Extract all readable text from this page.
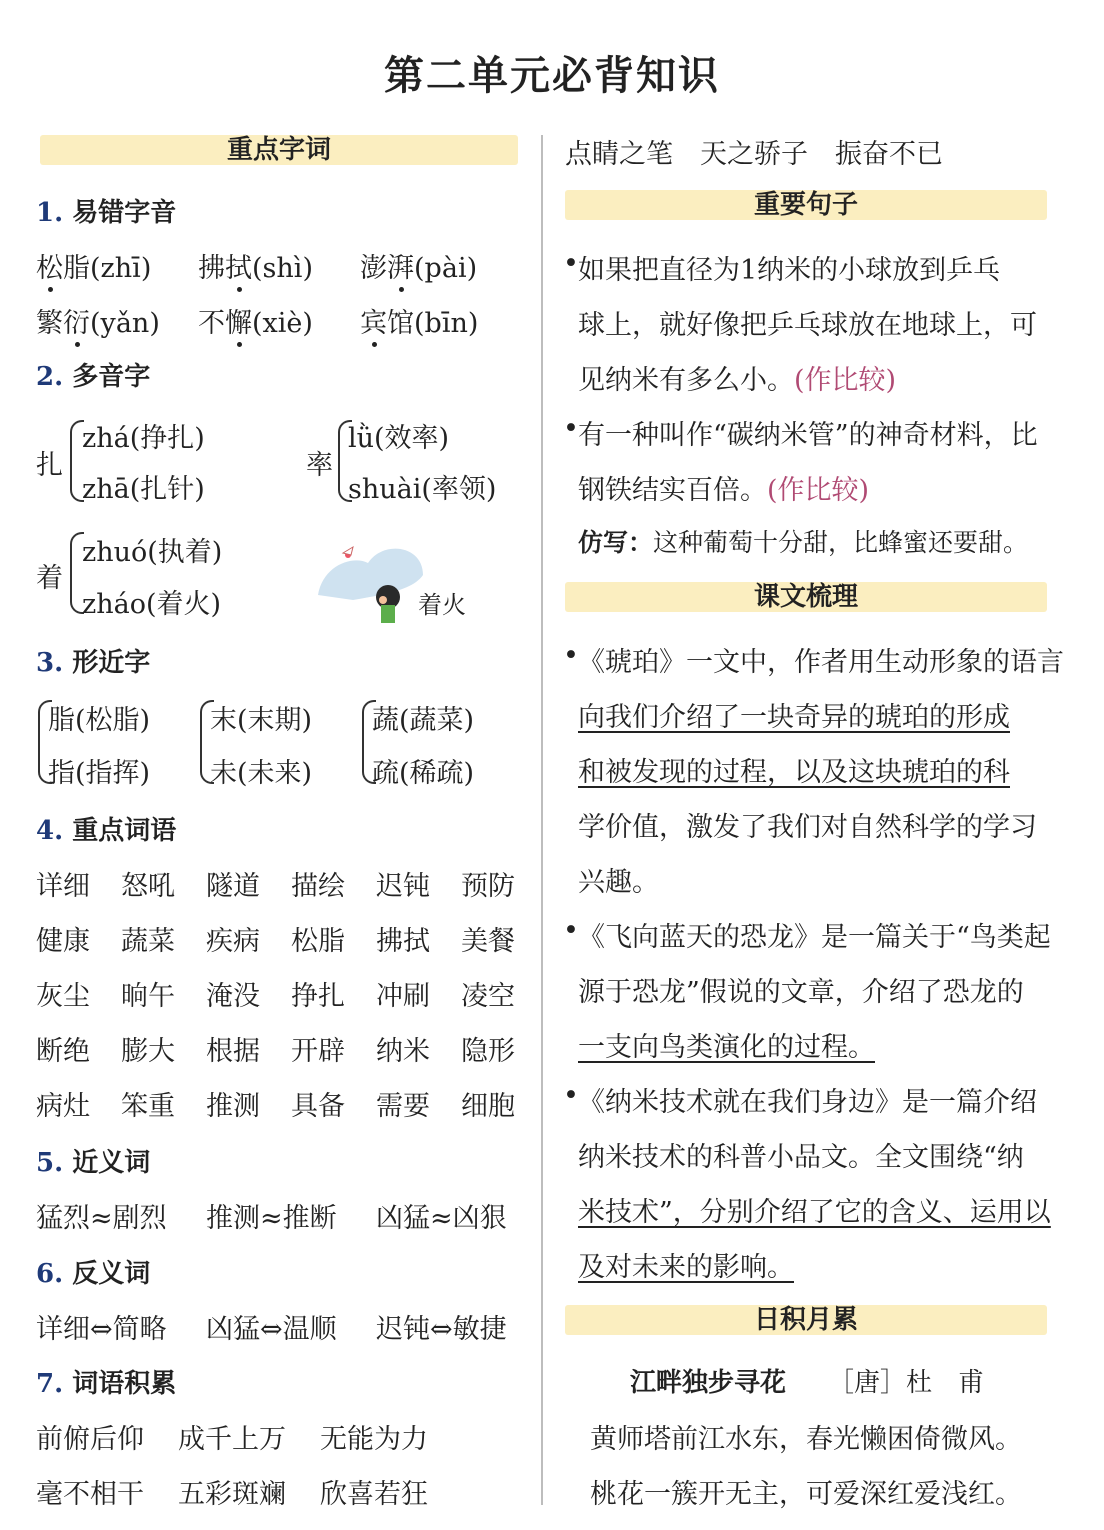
第二单元必背知识
重点字词
1. 易错字音
松脂(zhī) 拂拭(shì) 澎湃(pài)
繁衍(yǎn) 不懈(xiè) 宾馆(bīn)
2. 多音字
扎
zhá(挣扎)
zhā(扎针)
率
lǜ(效率)
shuài(率领)
着
zhuó(执着)
zháo(着火)	着火
3. 形近字
脂(松脂)
指(指挥)
末(末期)
未(未来)
蔬(蔬菜)
疏(稀疏)
4. 重点词语
详细 怒吼 隧道 描绘 迟钝 预防
健康 蔬菜 疾病 松脂 拂拭 美餐
灰尘 晌午 淹没 挣扎 冲刷 凌空
断绝 膨大 根据 开辟 纳米 隐形
病灶 笨重 推测 具备 需要 细胞
5. 近义词
猛烈≈剧烈 推测≈推断 凶猛≈凶狠
6. 反义词
详细⇔简略 凶猛⇔温顺 迟钝⇔敏捷
7. 词语积累
前俯后仰 成千上万 无能为力
毫不相干 五彩斑斓 欣喜若狂
点睛之笔　天之骄子　振奋不已
重要句子
• 如果把直径为1纳米的小球放到乒乓
球上，就好像把乒乓球放在地球上，可
见纳米有多么小。(作比较)
• 有一种叫作“碳纳米管”的神奇材料，比
钢铁结实百倍。(作比较)
仿写：这种葡萄十分甜，比蜂蜜还要甜。
课文梳理
• 《琥珀》一文中，作者用生动形象的语言
向我们介绍了一块奇异的琥珀的形成
和被发现的过程，以及这块琥珀的科
学价值，激发了我们对自然科学的学习
兴趣。
• 《飞向蓝天的恐龙》是一篇关于“鸟类起
源于恐龙”假说的文章，介绍了恐龙的
一支向鸟类演化的过程。
• 《纳米技术就在我们身边》是一篇介绍
纳米技术的科普小品文。全文围绕“纳
米技术”，分别介绍了它的含义、运用以
及对未来的影响。
日积月累
江畔独步寻花 ［唐］杜　甫
黄师塔前江水东，春光懒困倚微风。
桃花一簇开无主，可爱深红爱浅红。
